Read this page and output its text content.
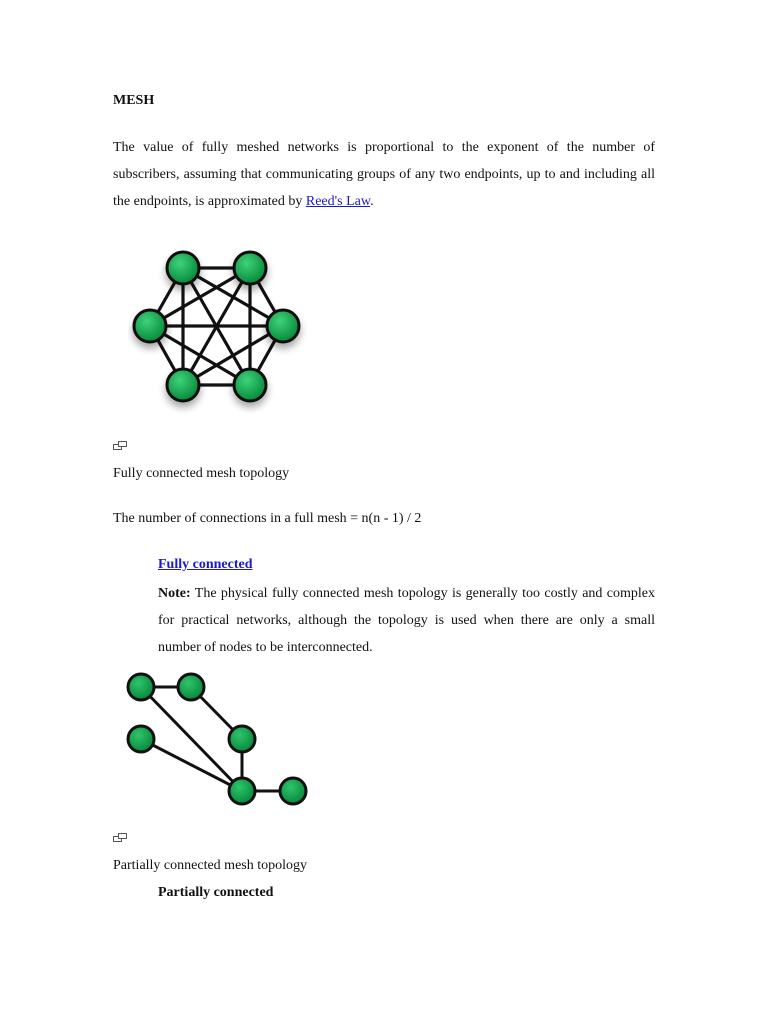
MESH
The value of fully meshed networks is proportional to the exponent of the number of subscribers, assuming that communicating groups of any two endpoints, up to and including all the endpoints, is approximated by Reed's Law.
Fully connected mesh topology
The number of connections in a full mesh = n(n - 1) / 2
Fully connected
Note: The physical fully connected mesh topology is generally too costly and complex for practical networks, although the topology is used when there are only a small number of nodes to be interconnected.
Partially connected mesh topology
Partially connected
